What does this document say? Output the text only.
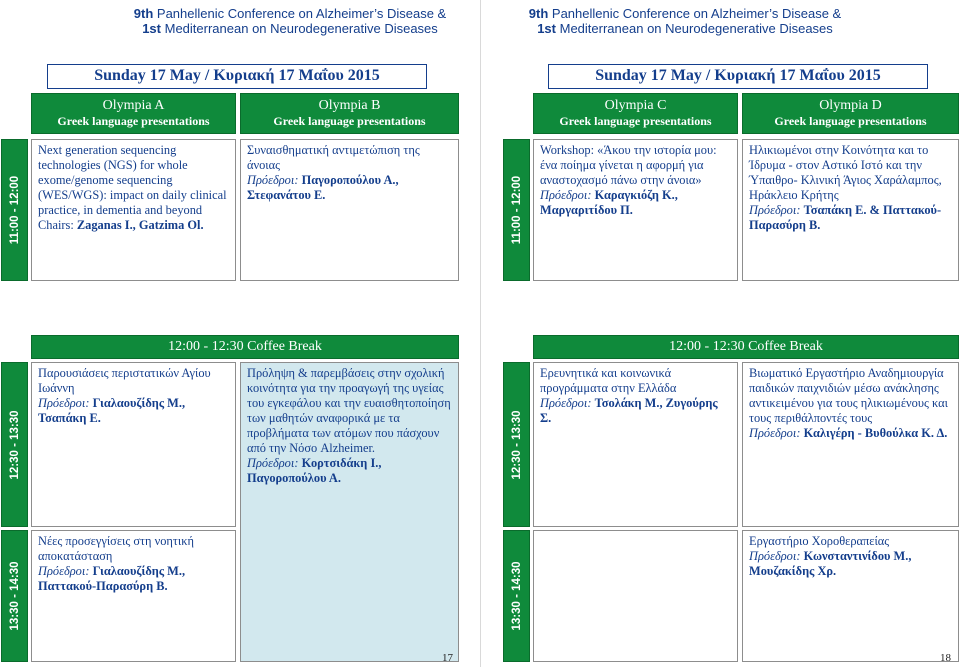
9th Panhellenic Conference on Alzheimer’s Disease &
1st Mediterranean on Neurodegenerative Diseases
Sunday 17 May / Κυριακή 17 Μαΐου 2015
Olympia A
Greek language presentations
Olympia B
Greek language presentations
11:00 - 12:00
Next generation sequencing technologies (NGS) for whole exome/genome sequencing (WES/WGS): impact on daily clinical practice, in dementia and beyond
Chairs: Zaganas I., Gatzima Ol.
Συναισθηματική αντιμετώπιση της άνοιας
Πρόεδροι: Παγοροπούλου Α., Στεφανάτου Ε.
12:00 - 12:30 Coffee Break
12:30 - 13:30
Παρουσιάσεις περιστατικών Αγίου Ιωάννη
Πρόεδροι: Γιαλαουζίδης Μ., Τσαπάκη Ε.
Πρόληψη & παρεμβάσεις στην σχολική κοινότητα για την προαγωγή της υγείας του εγκεφάλου και την ευαισθητοποίηση των μαθητών αναφορικά με τα προβλήματα των ατόμων που πάσχουν από την Νόσο Alzheimer.
Πρόεδροι: Κορτσιδάκη Ι., Παγοροπούλου Α.
13:30 - 14:30
Νέες προσεγγίσεις στη νοητική αποκατάσταση
Πρόεδροι: Γιαλαουζίδης Μ., Παττακού-Παρασύρη Β.
17
9th Panhellenic Conference on Alzheimer’s Disease &
1st Mediterranean on Neurodegenerative Diseases
Sunday 17 May / Κυριακή 17 Μαΐου 2015
Olympia C
Greek language presentations
Olympia D
Greek language presentations
11:00 - 12:00
Workshop: «Άκου την ιστορία μου: ένα ποίημα γίνεται η αφορμή για αναστοχασμό πάνω στην άνοια»
Πρόεδροι: Καραγκιόζη Κ., Μαργαριτίδου Π.
Ηλικιωμένοι στην Κοινότητα και το Ίδρυμα - στον Αστικό Ιστό και την Ύπαιθρο- Κλινική Άγιος Χαράλαμπος, Ηράκλειο Κρήτης
Πρόεδροι: Τσαπάκη Ε. & Παττακού-Παρασύρη Β.
12:00 - 12:30 Coffee Break
12:30 - 13:30
Ερευνητικά και κοινωνικά προγράμματα στην Ελλάδα
Πρόεδροι: Τσολάκη Μ., Ζυγούρης Σ.
Βιωματικό Εργαστήριο Αναδημιουργία παιδικών παιχνιδιών μέσω ανάκλησης αντικειμένου για τους ηλικιωμένους και τους περιθάλποντές τους
Πρόεδροι: Καλιγέρη - Βυθούλκα Κ. Δ.
13:30 - 14:30
Εργαστήριο Χοροθεραπείας
Πρόεδροι: Κωνσταντινίδου Μ., Μουζακίδης Χρ.
18
